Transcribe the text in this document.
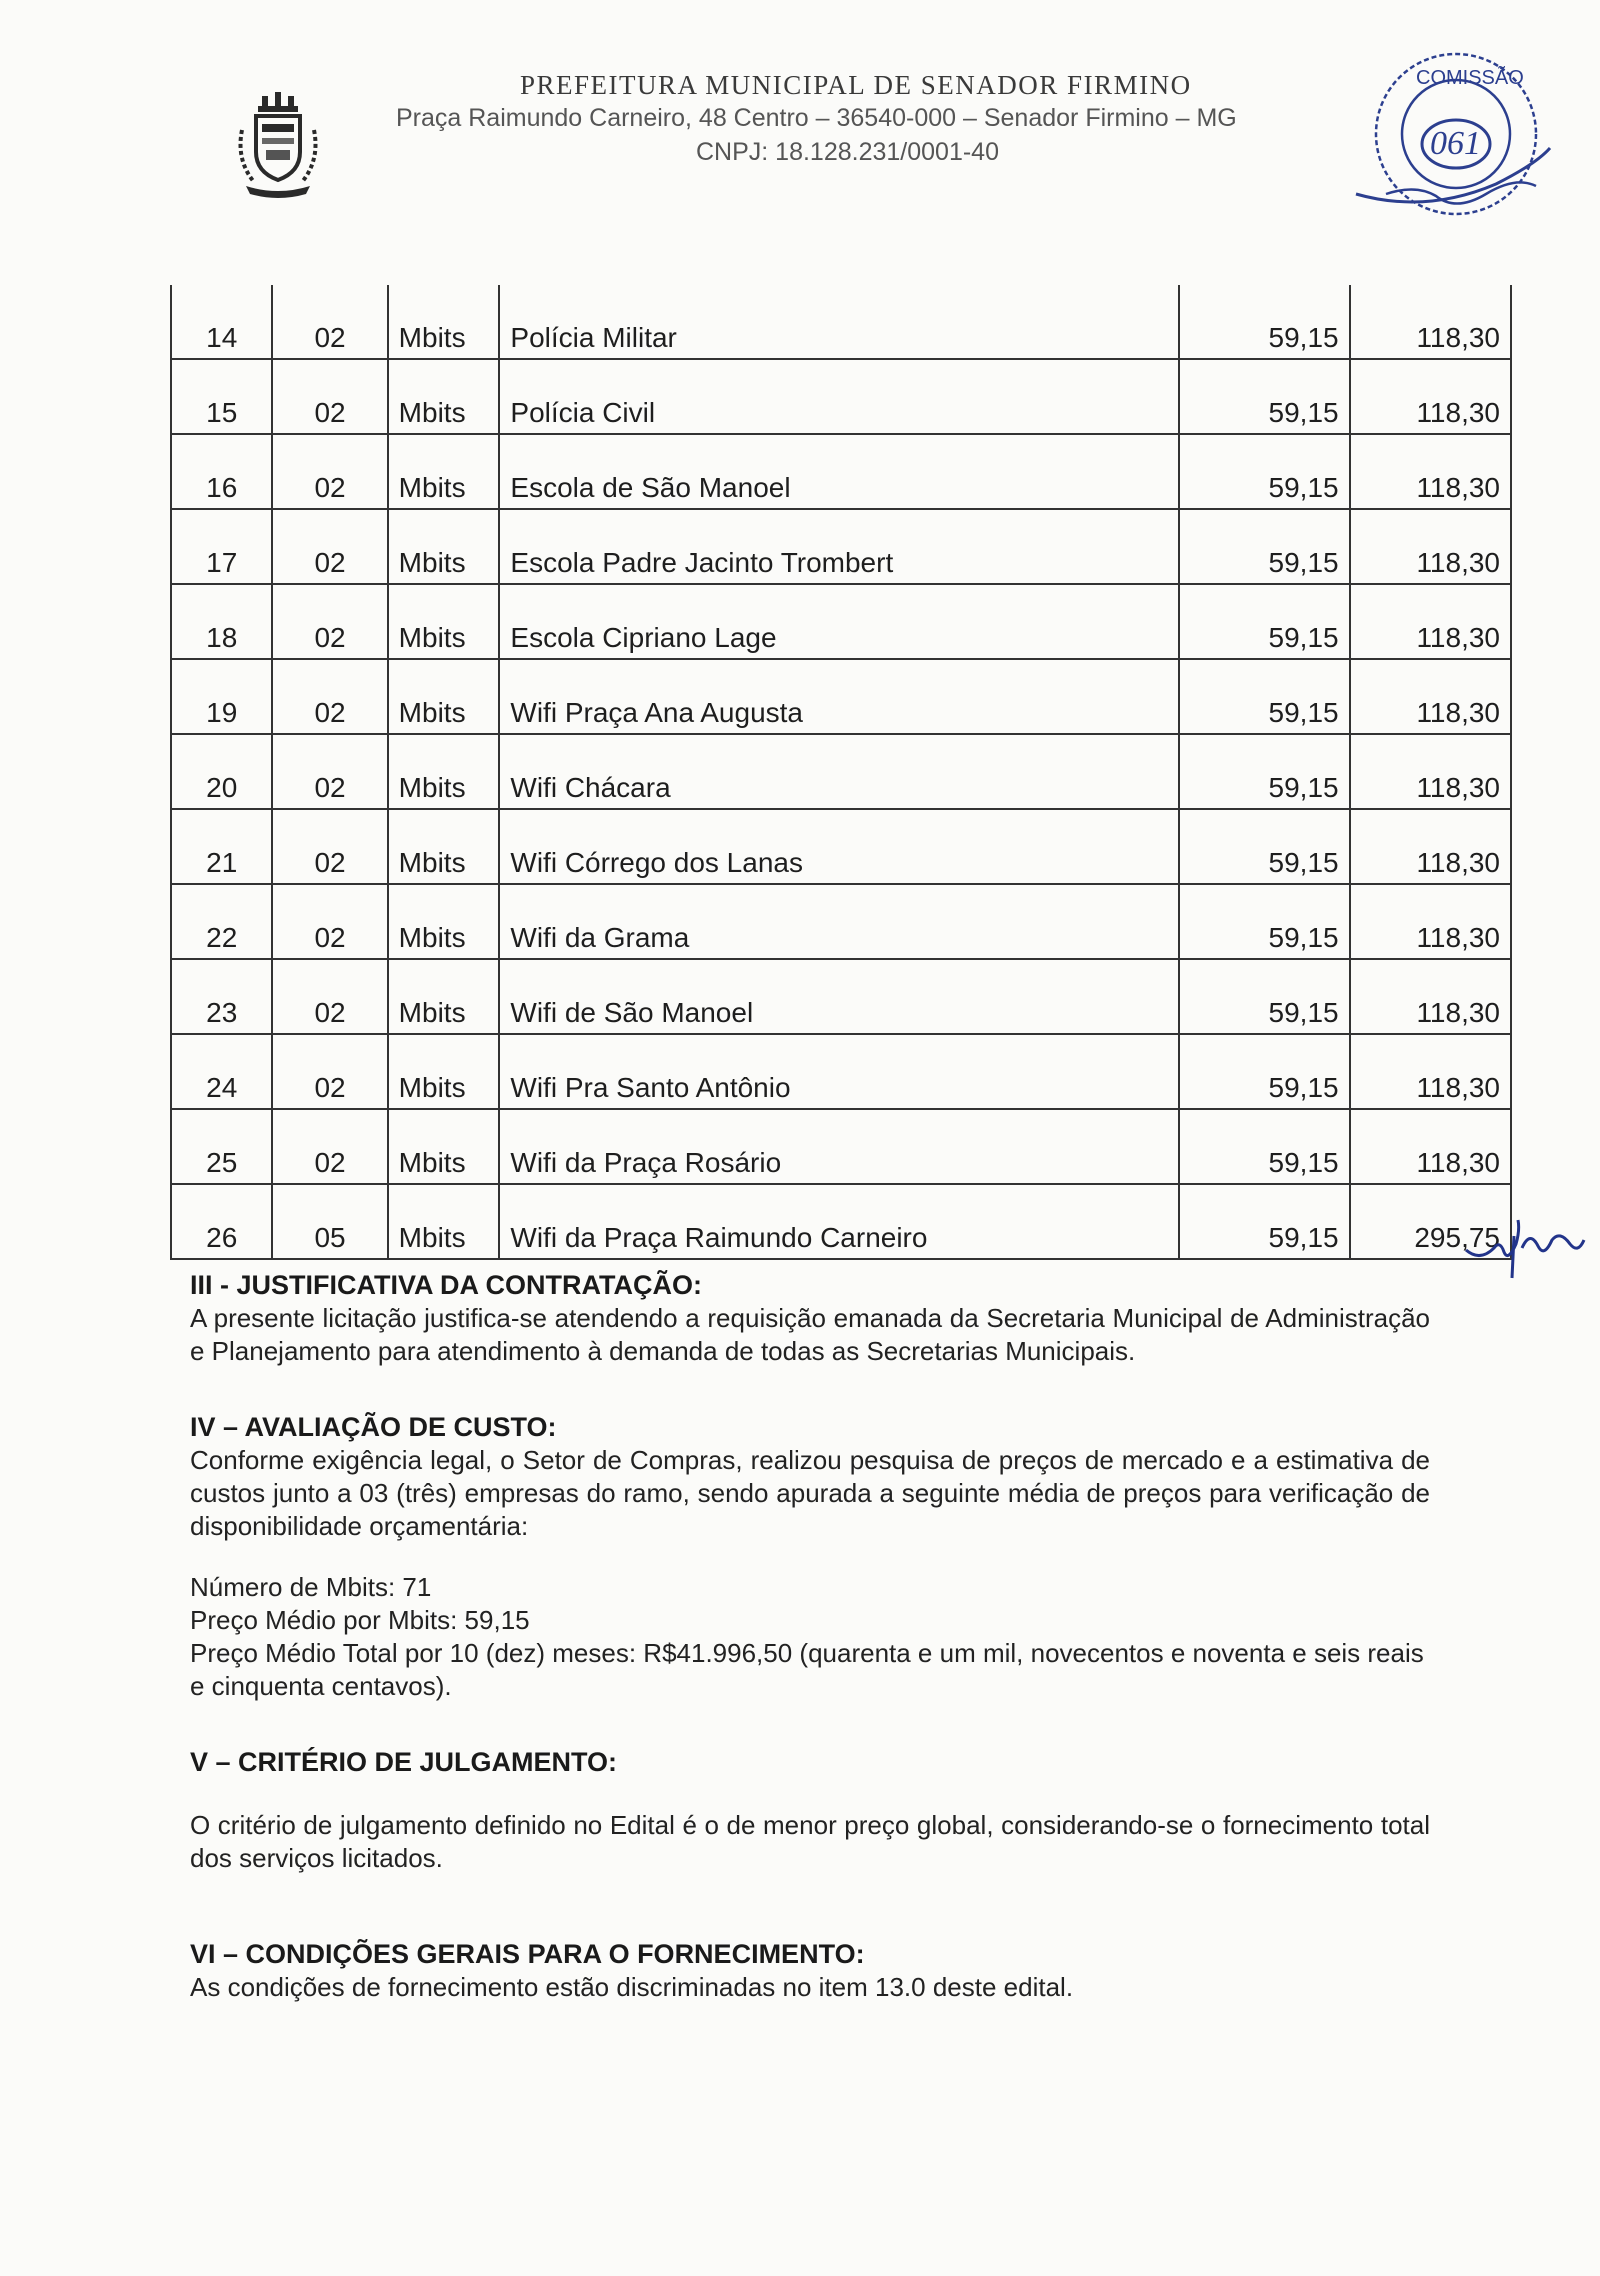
PREFEITURA MUNICIPAL DE SENADOR FIRMINO
Praça Raimundo Carneiro, 48 Centro – 36540-000 – Senador Firmino – MG
CNPJ: 18.128.231/0001-40
COMISSÃO
061
14	02	Mbits	Polícia Militar	59,15	118,30
15	02	Mbits	Polícia Civil	59,15	118,30
16	02	Mbits	Escola de São Manoel	59,15	118,30
17	02	Mbits	Escola Padre Jacinto Trombert	59,15	118,30
18	02	Mbits	Escola Cipriano Lage	59,15	118,30
19	02	Mbits	Wifi Praça Ana Augusta	59,15	118,30
20	02	Mbits	Wifi Chácara	59,15	118,30
21	02	Mbits	Wifi Córrego dos Lanas	59,15	118,30
22	02	Mbits	Wifi da Grama	59,15	118,30
23	02	Mbits	Wifi de São Manoel	59,15	118,30
24	02	Mbits	Wifi Pra Santo Antônio	59,15	118,30
25	02	Mbits	Wifi da Praça Rosário	59,15	118,30
26	05	Mbits	Wifi da Praça Raimundo Carneiro	59,15	295,75
III - JUSTIFICATIVA DA CONTRATAÇÃO:

A presente licitação justifica-se atendendo a requisição emanada da Secretaria Municipal de Administração e Planejamento para atendimento à demanda de todas as Secretarias Municipais.

IV – AVALIAÇÃO DE CUSTO:

Conforme exigência legal, o Setor de Compras, realizou pesquisa de preços de mercado e a estimativa de custos junto a 03 (três) empresas do ramo, sendo apurada a seguinte média de preços para verificação de disponibilidade orçamentária:

Número de Mbits: 71

Preço Médio por Mbits: 59,15

Preço Médio Total por 10 (dez) meses: R$41.996,50 (quarenta e um mil, novecentos e noventa e seis reais e cinquenta centavos).

V – CRITÉRIO DE JULGAMENTO:

O critério de julgamento definido no Edital é o de menor preço global, considerando-se o fornecimento total dos serviços licitados.

VI – CONDIÇÕES GERAIS PARA O FORNECIMENTO:

As condições de fornecimento estão discriminadas no item 13.0 deste edital.
